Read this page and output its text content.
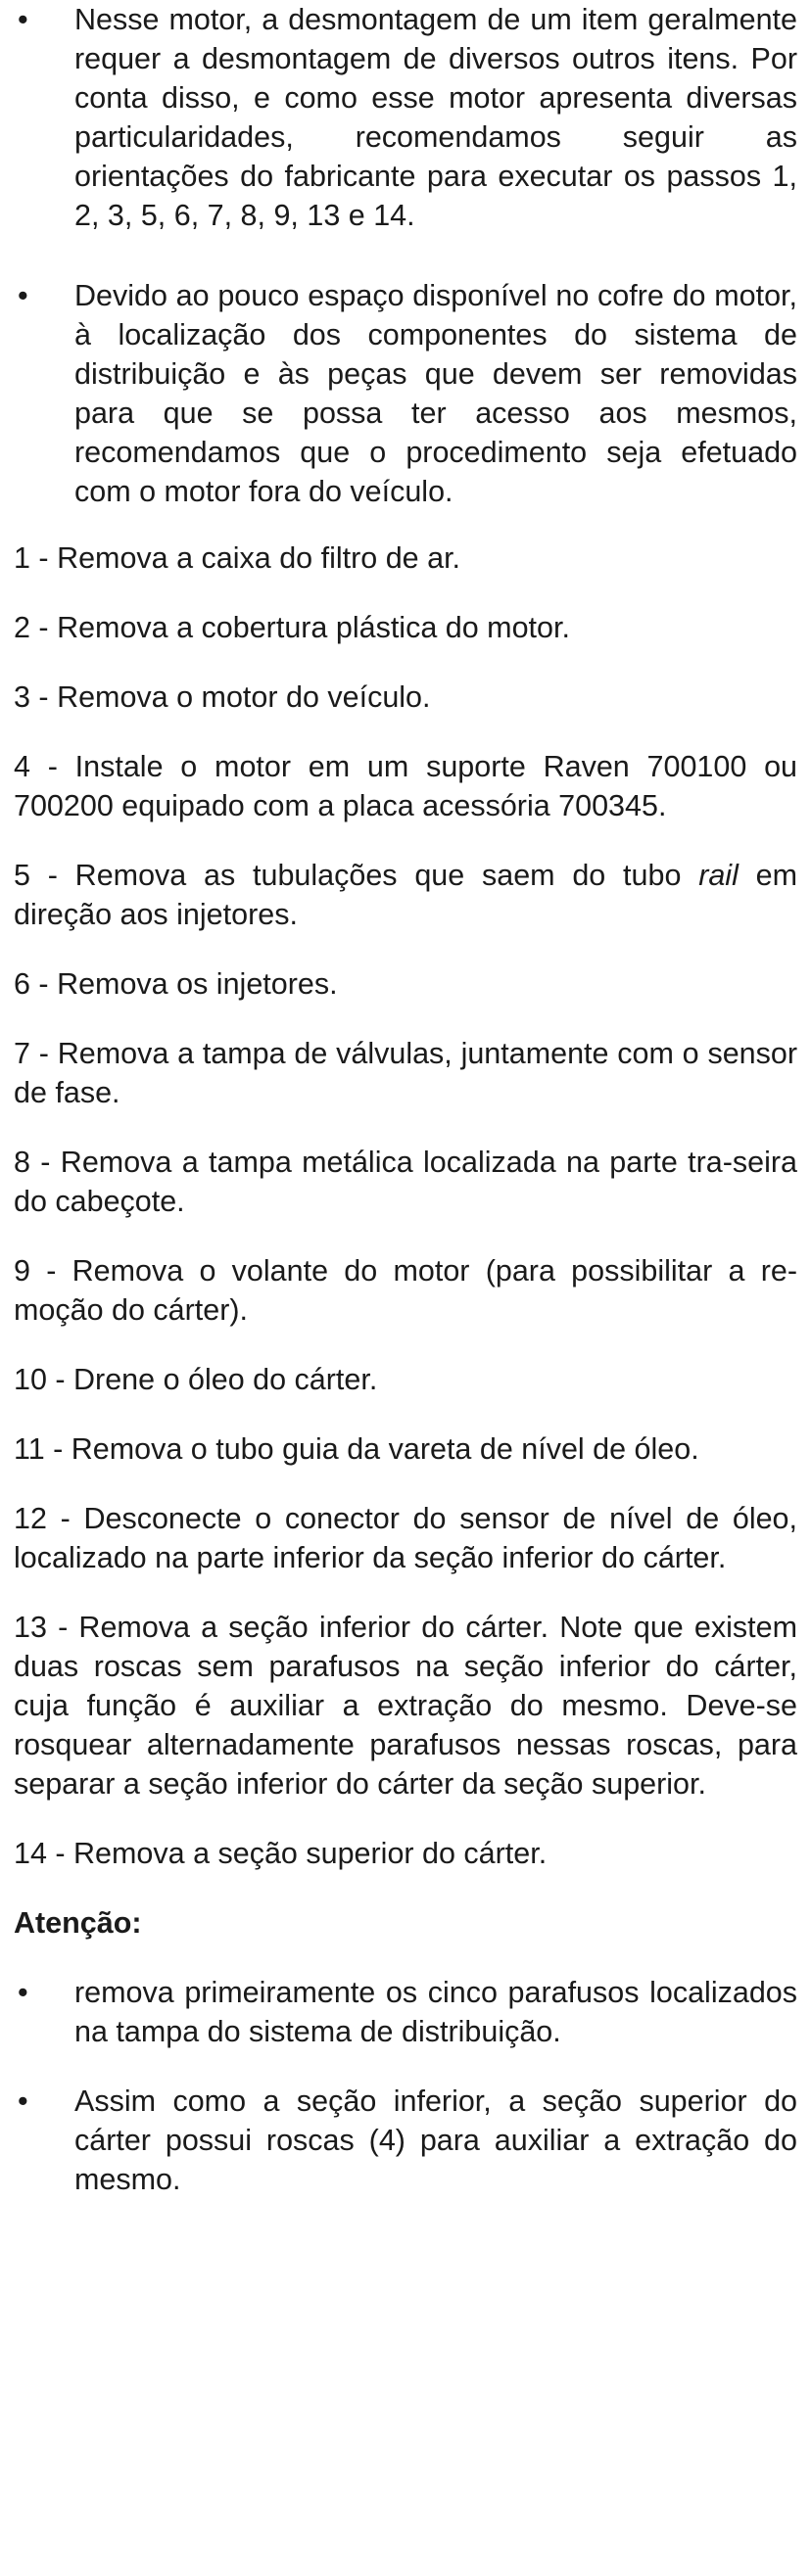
•	Nesse motor, a desmontagem de um item geralmente requer a desmontagem de diversos outros itens. Por conta disso, e como esse motor apresenta diversas particularidades, recomendamos seguir as orientações do fabricante para executar os passos 1, 2, 3, 5, 6, 7, 8, 9, 13 e 14.
•	Devido ao pouco espaço disponível no cofre do motor, à localização dos componentes do sistema de distribuição e às peças que devem ser removidas para que se possa ter acesso aos mesmos, recomendamos que o procedimento seja efetuado com o motor fora do veículo.

1 - Remova a caixa do filtro de ar.

2 - Remova a cobertura plástica do motor.

3 - Remova o motor do veículo.

4 - Instale o motor em um suporte Raven 700100 ou 700200 equipado com a placa acessória 700345.

5 - Remova as tubulações que saem do tubo rail em direção aos injetores.

6 - Remova os injetores.

7 - Remova a tampa de válvulas, juntamente com o sensor de fase.

8 - Remova a tampa metálica localizada na parte tra-seira do cabeçote.

9 - Remova o volante do motor (para possibilitar a re-moção do cárter).

10 - Drene o óleo do cárter.

11 - Remova o tubo guia da vareta de nível de óleo.

12 - Desconecte o conector do sensor de nível de óleo, localizado na parte inferior da seção inferior do cárter.

13 - Remova a seção inferior do cárter. Note que existem duas roscas sem parafusos na seção inferior do cárter, cuja função é auxiliar a extração do mesmo. Deve-se rosquear alternadamente parafusos nessas roscas, para separar a seção inferior do cárter da seção superior.

14 - Remova a seção superior do cárter.

Atenção:

•	remova primeiramente os cinco parafusos localizados na tampa do sistema de distribuição.
•	Assim como a seção inferior, a seção superior do cárter possui roscas (4) para auxiliar a extração do mesmo.
